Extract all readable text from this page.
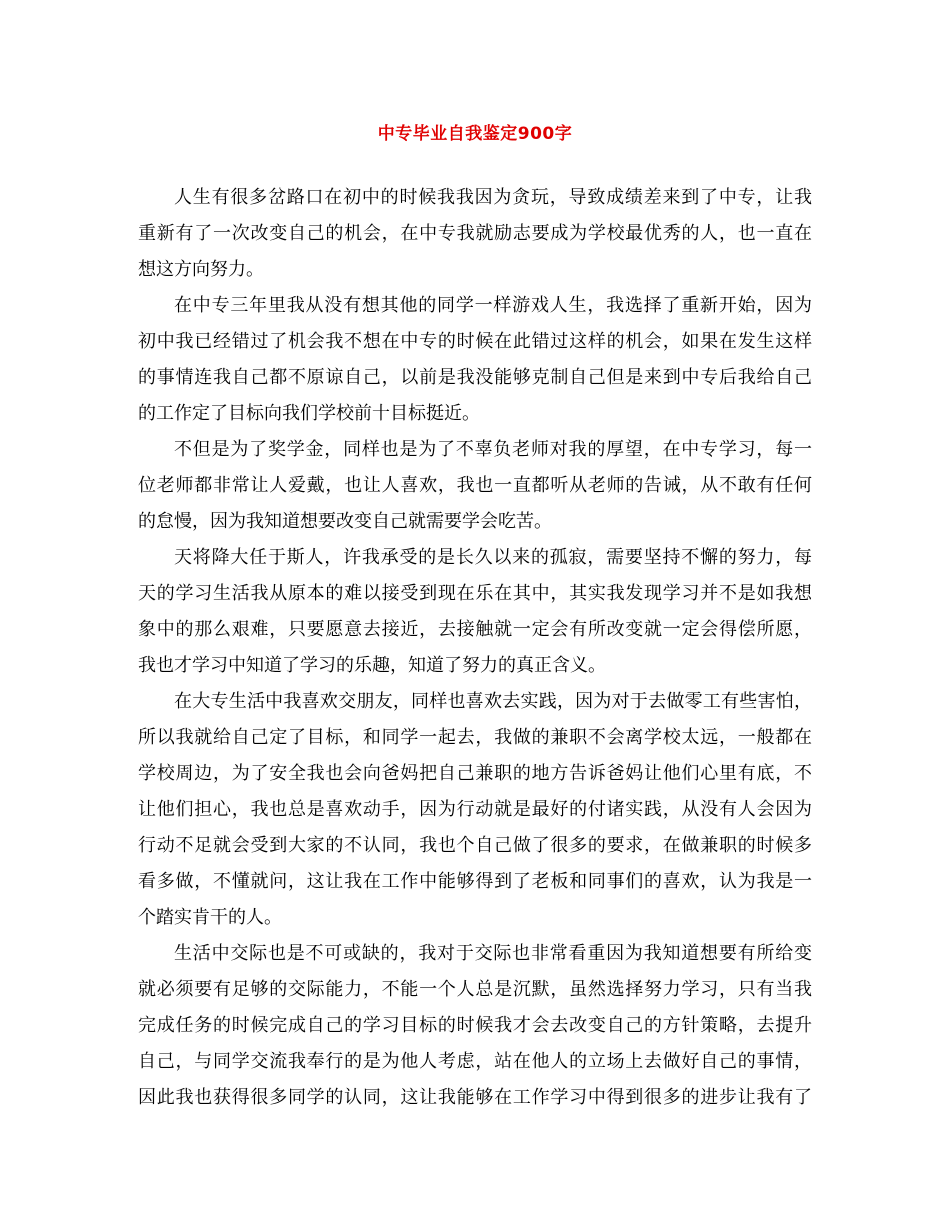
中专毕业自我鉴定900字
人生有很多岔路口在初中的时候我我因为贪玩，导致成绩差来到了中专，让我
重新有了一次改变自己的机会，在中专我就励志要成为学校最优秀的人，也一直在
想这方向努力。
在中专三年里我从没有想其他的同学一样游戏人生，我选择了重新开始，因为
初中我已经错过了机会我不想在中专的时候在此错过这样的机会，如果在发生这样
的事情连我自己都不原谅自己，以前是我没能够克制自己但是来到中专后我给自己
的工作定了目标向我们学校前十目标挺近。
不但是为了奖学金，同样也是为了不辜负老师对我的厚望，在中专学习，每一
位老师都非常让人爱戴，也让人喜欢，我也一直都听从老师的告诫，从不敢有任何
的怠慢，因为我知道想要改变自己就需要学会吃苦。
天将降大任于斯人，许我承受的是长久以来的孤寂，需要坚持不懈的努力，每
天的学习生活我从原本的难以接受到现在乐在其中，其实我发现学习并不是如我想
象中的那么艰难，只要愿意去接近，去接触就一定会有所改变就一定会得偿所愿，
我也才学习中知道了学习的乐趣，知道了努力的真正含义。
在大专生活中我喜欢交朋友，同样也喜欢去实践，因为对于去做零工有些害怕，
所以我就给自己定了目标，和同学一起去，我做的兼职不会离学校太远，一般都在
学校周边，为了安全我也会向爸妈把自己兼职的地方告诉爸妈让他们心里有底，不
让他们担心，我也总是喜欢动手，因为行动就是最好的付诸实践，从没有人会因为
行动不足就会受到大家的不认同，我也个自己做了很多的要求，在做兼职的时候多
看多做，不懂就问，这让我在工作中能够得到了老板和同事们的喜欢，认为我是一
个踏实肯干的人。
生活中交际也是不可或缺的，我对于交际也非常看重因为我知道想要有所给变
就必须要有足够的交际能力，不能一个人总是沉默，虽然选择努力学习，只有当我
完成任务的时候完成自己的学习目标的时候我才会去改变自己的方针策略，去提升
自己，与同学交流我奉行的是为他人考虑，站在他人的立场上去做好自己的事情，
因此我也获得很多同学的认同，这让我能够在工作学习中得到很多的进步让我有了
